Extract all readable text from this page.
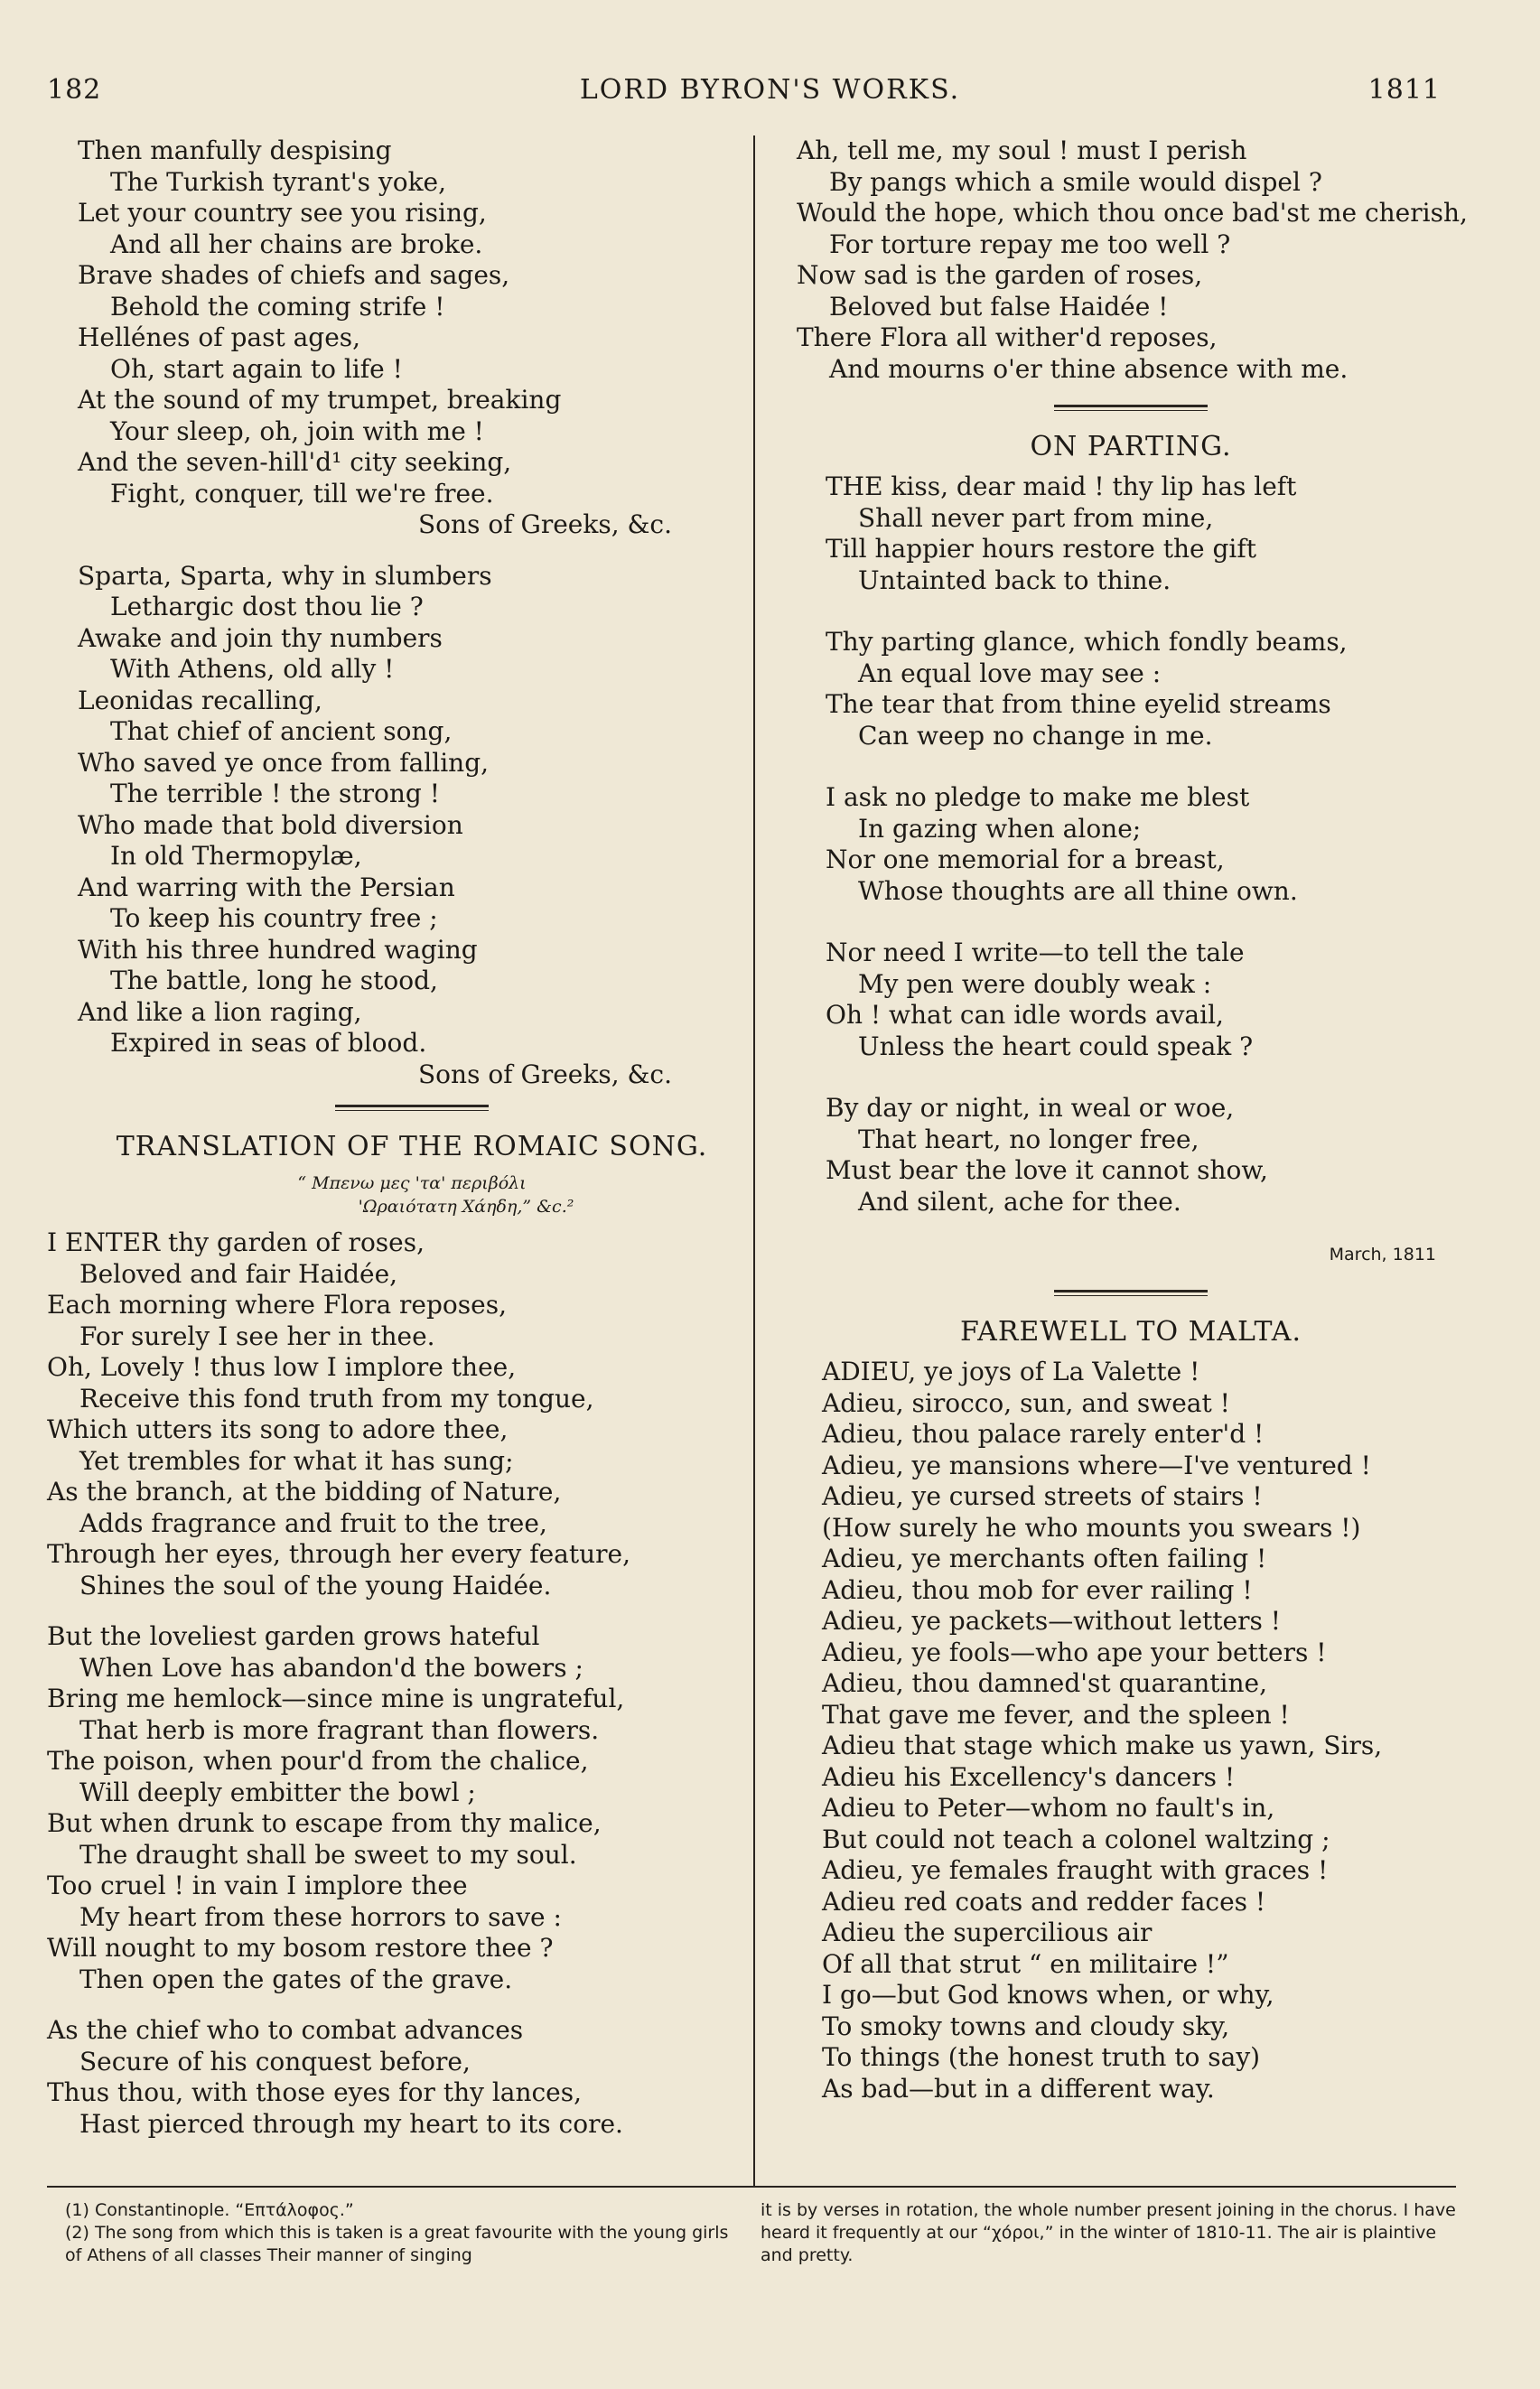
182	LORD BYRON'S WORKS.	1811
Then manfully despising
The Turkish tyrant's yoke,
Let your country see you rising,
And all her chains are broke.
Brave shades of chiefs and sages,
Behold the coming strife !
Hellénes of past ages,
Oh, start again to life !
At the sound of my trumpet, breaking
Your sleep, oh, join with me !
And the seven-hill'd¹ city seeking,
Fight, conquer, till we're free.
Sons of Greeks, &c.
Sparta, Sparta, why in slumbers
Lethargic dost thou lie ?
Awake and join thy numbers
With Athens, old ally !
Leonidas recalling,
That chief of ancient song,
Who saved ye once from falling,
The terrible ! the strong !
Who made that bold diversion
In old Thermopylæ,
And warring with the Persian
To keep his country free ;
With his three hundred waging
The battle, long he stood,
And like a lion raging,
Expired in seas of blood.
Sons of Greeks, &c.
TRANSLATION OF THE ROMAIC SONG.
“ Μπενω μες 'τα' περιβόλι
'Ωραιότατη Χάηδη,” &c.²
I ENTER thy garden of roses,
Beloved and fair Haidée,
Each morning where Flora reposes,
For surely I see her in thee.
Oh, Lovely ! thus low I implore thee,
Receive this fond truth from my tongue,
Which utters its song to adore thee,
Yet trembles for what it has sung;
As the branch, at the bidding of Nature,
Adds fragrance and fruit to the tree,
Through her eyes, through her every feature,
Shines the soul of the young Haidée.
But the loveliest garden grows hateful
When Love has abandon'd the bowers ;
Bring me hemlock—since mine is ungrateful,
That herb is more fragrant than flowers.
The poison, when pour'd from the chalice,
Will deeply embitter the bowl ;
But when drunk to escape from thy malice,
The draught shall be sweet to my soul.
Too cruel ! in vain I implore thee
My heart from these horrors to save :
Will nought to my bosom restore thee ?
Then open the gates of the grave.
As the chief who to combat advances
Secure of his conquest before,
Thus thou, with those eyes for thy lances,
Hast pierced through my heart to its core.
Ah, tell me, my soul ! must I perish
By pangs which a smile would dispel ?
Would the hope, which thou once bad'st me cherish,
For torture repay me too well ?
Now sad is the garden of roses,
Beloved but false Haidée !
There Flora all wither'd reposes,
And mourns o'er thine absence with me.
ON PARTING.
THE kiss, dear maid ! thy lip has left
Shall never part from mine,
Till happier hours restore the gift
Untainted back to thine.
Thy parting glance, which fondly beams,
An equal love may see :
The tear that from thine eyelid streams
Can weep no change in me.
I ask no pledge to make me blest
In gazing when alone;
Nor one memorial for a breast,
Whose thoughts are all thine own.
Nor need I write—to tell the tale
My pen were doubly weak :
Oh ! what can idle words avail,
Unless the heart could speak ?
By day or night, in weal or woe,
That heart, no longer free,
Must bear the love it cannot show,
And silent, ache for thee.
March, 1811
FAREWELL TO MALTA.
ADIEU, ye joys of La Valette !
Adieu, sirocco, sun, and sweat !
Adieu, thou palace rarely enter'd !
Adieu, ye mansions where—I've ventured !
Adieu, ye cursed streets of stairs !
(How surely he who mounts you swears !)
Adieu, ye merchants often failing !
Adieu, thou mob for ever railing !
Adieu, ye packets—without letters !
Adieu, ye fools—who ape your betters !
Adieu, thou damned'st quarantine,
That gave me fever, and the spleen !
Adieu that stage which make us yawn, Sirs,
Adieu his Excellency's dancers !
Adieu to Peter—whom no fault's in,
But could not teach a colonel waltzing ;
Adieu, ye females fraught with graces !
Adieu red coats and redder faces !
Adieu the supercilious air
Of all that strut “ en militaire !”
I go—but God knows when, or why,
To smoky towns and cloudy sky,
To things (the honest truth to say)
As bad—but in a different way.

(1) Constantinople. “Επτάλοφος.”

(2) The song from which this is taken is a great favourite with the young girls of Athens of all classes Their manner of singing

it is by verses in rotation, the whole number present joining in the chorus. I have heard it frequently at our “χόροι,” in the winter of 1810-11. The air is plaintive and pretty.
